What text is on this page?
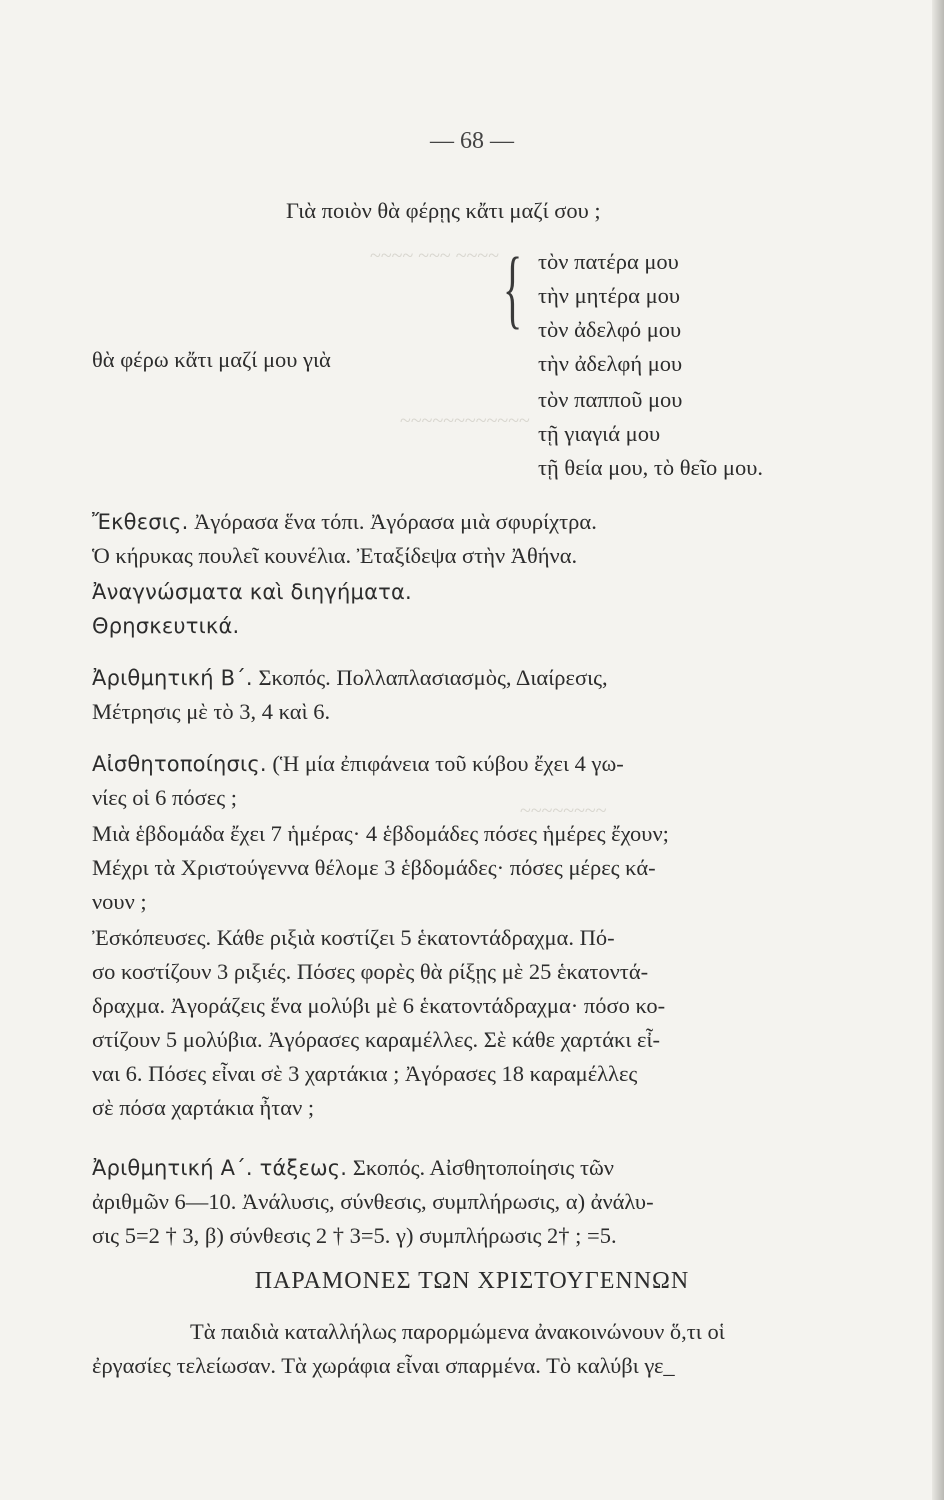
~~~~ ~~~ ~~~~
~~~~~~~~~~~~
~~~~~~~~
— 68 —
Γιὰ ποιὸν θὰ φέρῃς κἄτι μαζί σου ;
θὰ φέρω κἄτι μαζί μου γιὰ
{ τὸν πατέρα μου
τὴν μητέρα μου
τὸν ἀδελφό μου
τὴν ἀδελφή μου
τὸν παπποῦ μου
τῇ γιαγιά μου
τῇ θεία μου, τὸ θεῖο μου.
Ἔκθεσις. Ἀγόρασα ἕνα τόπι. Ἀγόρασα μιὰ σφυρίχτρα.
Ὁ κήρυκας πουλεῖ κουνέλια. Ἐταξίδεψα στὴν Ἀθήνα.
Ἀναγνώσματα καὶ διηγήματα.
Θρησκευτικά.
Ἀριθμητική Β΄. Σκοπός. Πολλαπλασιασμὸς, Διαίρεσις,
Μέτρησις μὲ τὸ 3, 4 καὶ 6.
Αἰσθητοποίησις. (Ἡ μία ἐπιφάνεια τοῦ κύβου ἔχει 4 γω-
νίες οἱ 6 πόσες ;
Μιὰ ἑβδομάδα ἔχει 7 ἡμέρας· 4 ἑβδομάδες πόσες ἡμέρες ἔχουν;
Μέχρι τὰ Χριστούγεννα θέλομε 3 ἑβδομάδες· πόσες μέρες κά-
νουν ;
Ἐσκόπευσες. Κάθε ριξιὰ κοστίζει 5 ἑκατοντάδραχμα. Πό-
σο κοστίζουν 3 ριξιές. Πόσες φορὲς θὰ ρίξῃς μὲ 25 ἑκατοντά-
δραχμα. Ἀγοράζεις ἕνα μολύβι μὲ 6 ἑκατοντάδραχμα· πόσο κο-
στίζουν 5 μολύβια. Ἀγόρασες καραμέλλες. Σὲ κάθε χαρτάκι εἶ-
ναι 6. Πόσες εἶναι σὲ 3 χαρτάκια ; Ἀγόρασες 18 καραμέλλες
σὲ πόσα χαρτάκια ἦταν ;
Ἀριθμητική Α΄. τάξεως. Σκοπός. Αἰσθητοποίησις τῶν
ἀριθμῶν 6—10. Ἀνάλυσις, σύνθεσις, συμπλήρωσις, α) ἀνάλυ-
σις 5=2 † 3, β) σύνθεσις 2 † 3=5. γ) συμπλήρωσις 2† ; =5.
ΠΑΡΑΜΟΝΕΣ ΤΩΝ ΧΡΙΣΤΟΥΓΕΝΝΩΝ
Τὰ παιδιὰ καταλλήλως παρορμώμενα ἀνακοινώνουν ὅ,τι οἱ
ἐργασίες τελείωσαν. Τὰ χωράφια εἶναι σπαρμένα. Τὸ καλύβι γε_
